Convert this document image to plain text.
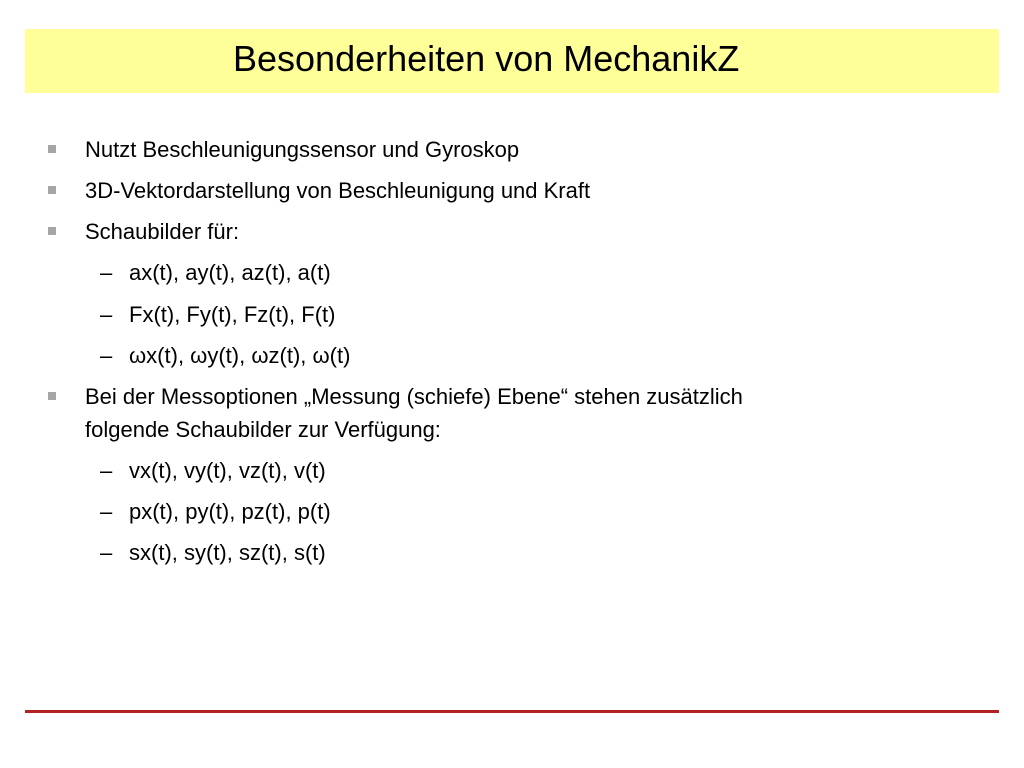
Besonderheiten von MechanikZ
Nutzt Beschleunigungssensor und Gyroskop
3D-Vektordarstellung von Beschleunigung und Kraft
Schaubilder für:
– ax(t), ay(t), az(t), a(t)
– Fx(t), Fy(t), Fz(t), F(t)
– ωx(t), ωy(t), ωz(t), ω(t)
Bei der Messoptionen „Messung (schiefe) Ebene“ stehen zusätzlich
folgende Schaubilder zur Verfügung:
– vx(t), vy(t), vz(t), v(t)
– px(t), py(t), pz(t), p(t)
– sx(t), sy(t), sz(t), s(t)
